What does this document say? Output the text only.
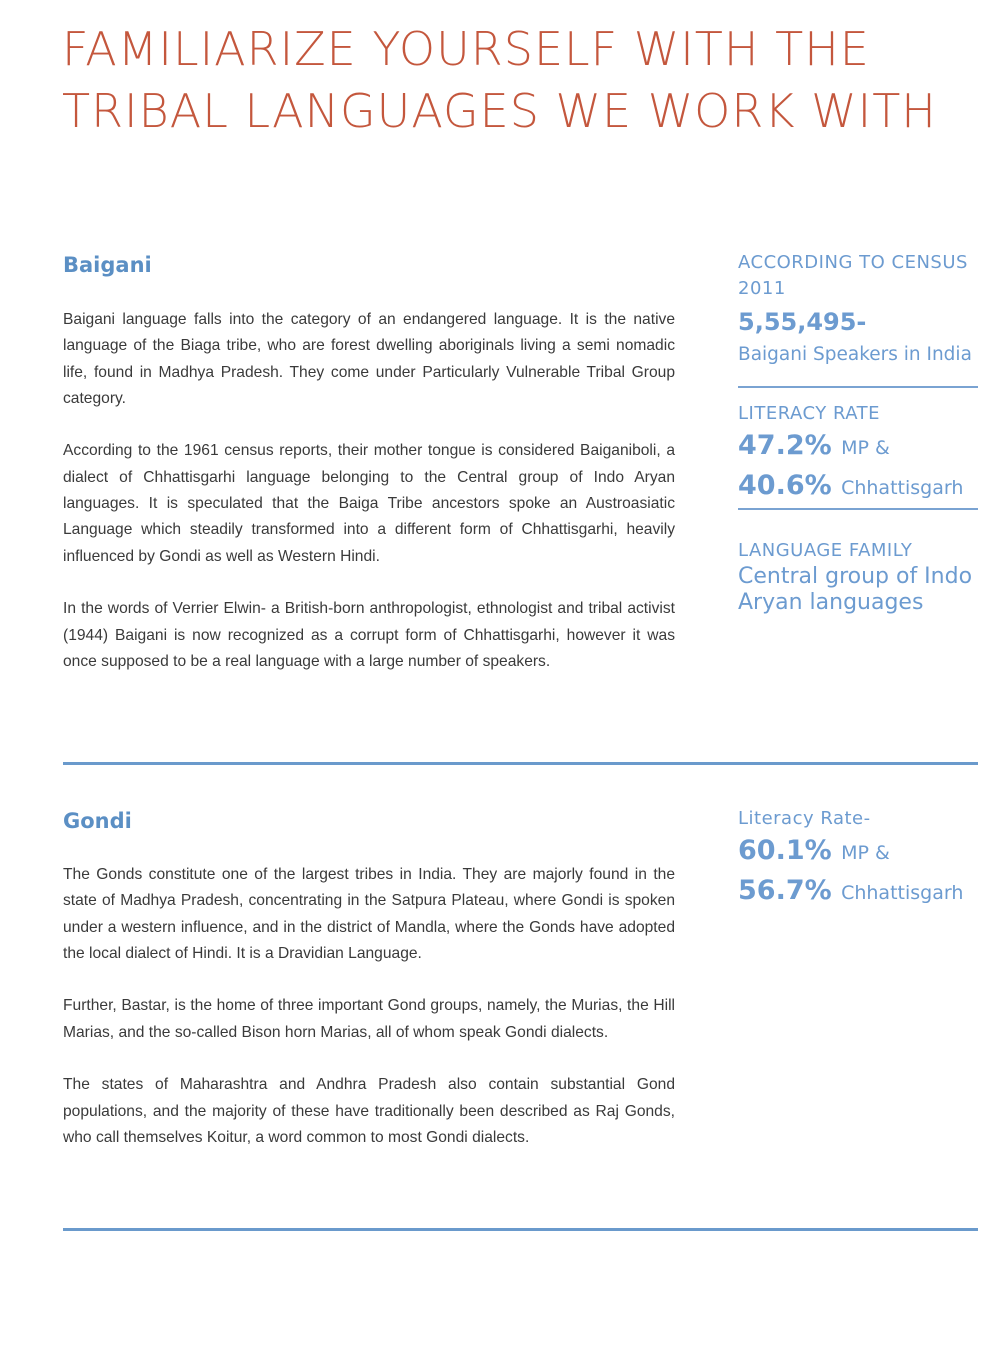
FAMILIARIZE YOURSELF WITH THE TRIBAL LANGUAGES WE WORK WITH
Baigani

Baigani language falls into the category of an endangered language. It is the native language of the Biaga tribe, who are forest dwelling aboriginals living a semi nomadic life, found in Madhya Pradesh. They come under Particularly Vulnerable Tribal Group category.

According to the 1961 census reports, their mother tongue is considered Baiganiboli, a dialect of Chhattisgarhi language belonging to the Central group of Indo Aryan languages. It is speculated that the Baiga Tribe ancestors spoke an Austroasiatic Language which steadily transformed into a different form of Chhattisgarhi, heavily influenced by Gondi as well as Western Hindi.

In the words of Verrier Elwin- a British-born anthropologist, ethnologist and tribal activist (1944) Baigani is now recognized as a corrupt form of Chhattisgarhi, however it was once supposed to be a real language with a large number of speakers.

ACCORDING TO CENSUS 2011
5,55,495-
Baigani Speakers in India
LITERACY RATE
47.2% MP &
40.6% Chhattisgarh
LANGUAGE FAMILY
Central group of Indo Aryan languages
Gondi

The Gonds constitute one of the largest tribes in India. They are majorly found in the state of Madhya Pradesh, concentrating in the Satpura Plateau, where Gondi is spoken under a western influence, and in the district of Mandla, where the Gonds have adopted the local dialect of Hindi. It is a Dravidian Language.

Further, Bastar, is the home of three important Gond groups, namely, the Murias, the Hill Marias, and the so-called Bison horn Marias, all of whom speak Gondi dialects.

The states of Maharashtra and Andhra Pradesh also contain substantial Gond populations, and the majority of these have traditionally been described as Raj Gonds, who call themselves Koitur, a word common to most Gondi dialects.

Literacy Rate-
60.1% MP &
56.7% Chhattisgarh
